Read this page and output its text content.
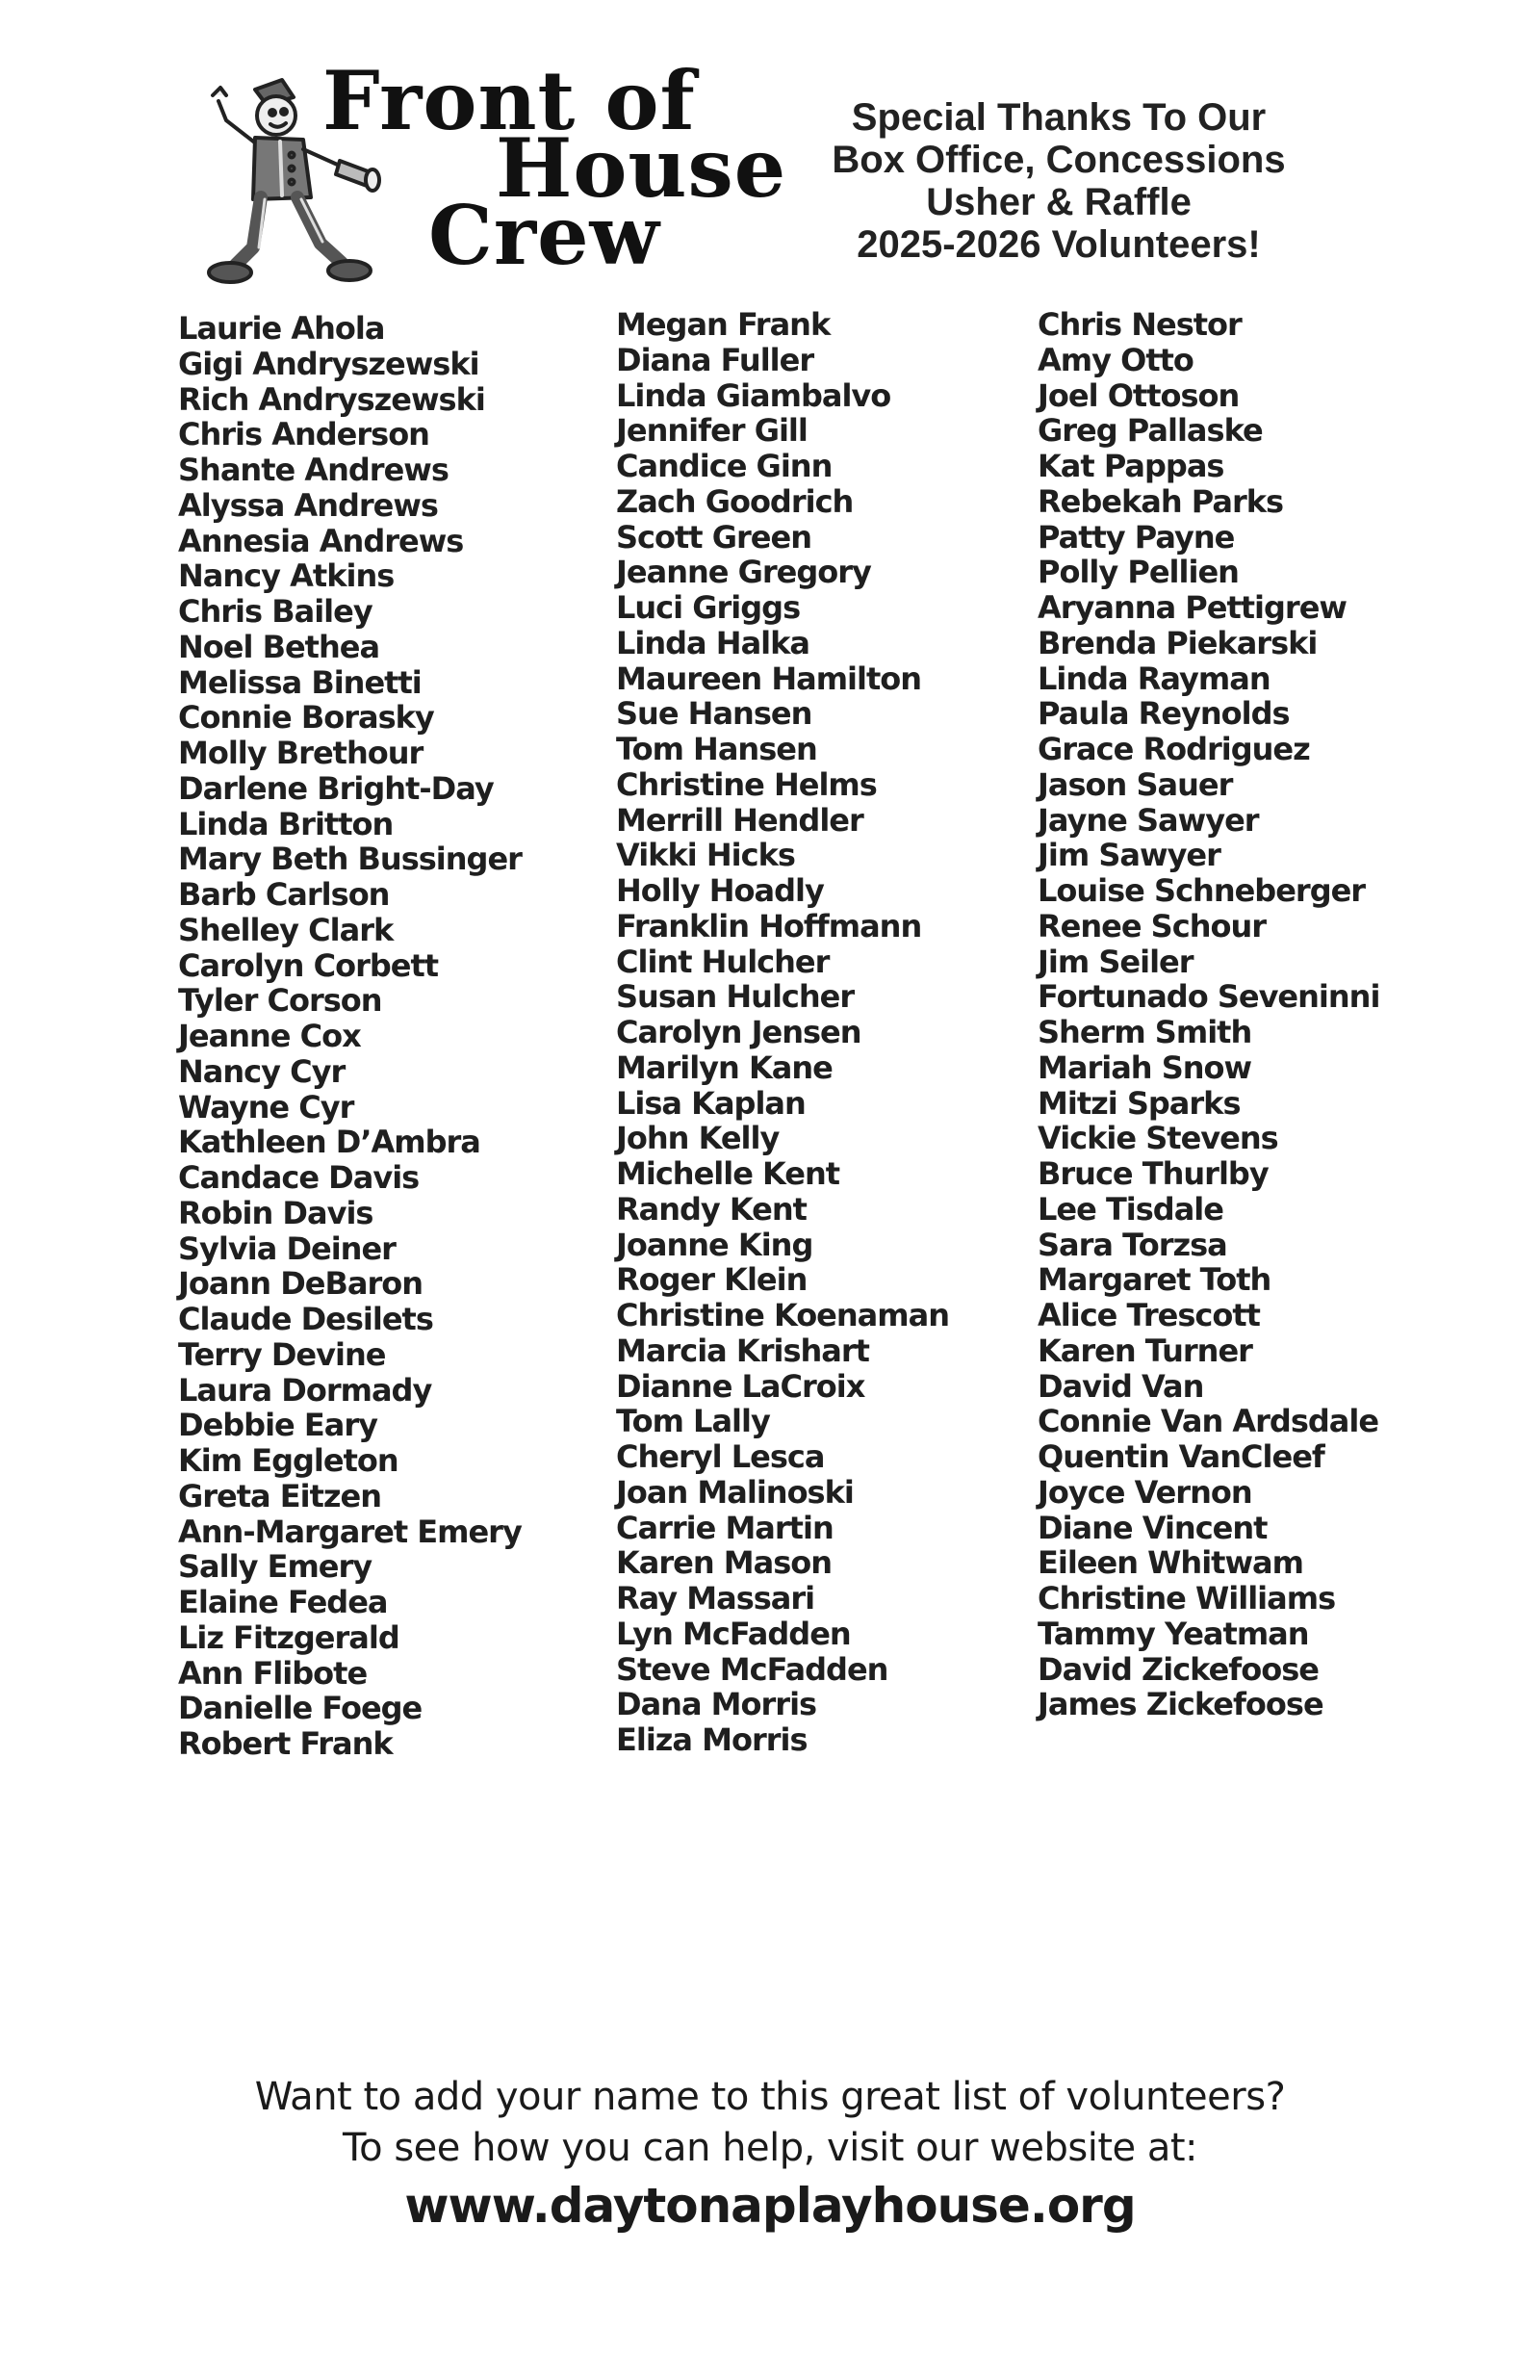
Front of
House
Crew
Special Thanks To Our
Box Office, Concessions
Usher & Raffle
2025-2026 Volunteers!
Laurie Ahola
Gigi Andryszewski
Rich Andryszewski
Chris Anderson
Shante Andrews
Alyssa Andrews
Annesia Andrews
Nancy Atkins
Chris Bailey
Noel Bethea
Melissa Binetti
Connie Borasky
Molly Brethour
Darlene Bright-Day
Linda Britton
Mary Beth Bussinger
Barb Carlson
Shelley Clark
Carolyn Corbett
Tyler Corson
Jeanne Cox
Nancy Cyr
Wayne Cyr
Kathleen D’Ambra
Candace Davis
Robin Davis
Sylvia Deiner
Joann DeBaron
Claude Desilets
Terry Devine
Laura Dormady
Debbie Eary
Kim Eggleton
Greta Eitzen
Ann-Margaret Emery
Sally Emery
Elaine Fedea
Liz Fitzgerald
Ann Flibote
Danielle Foege
Robert Frank
Megan Frank
Diana Fuller
Linda Giambalvo
Jennifer Gill
Candice Ginn
Zach Goodrich
Scott Green
Jeanne Gregory
Luci Griggs
Linda Halka
Maureen Hamilton
Sue Hansen
Tom Hansen
Christine Helms
Merrill Hendler
Vikki Hicks
Holly Hoadly
Franklin Hoffmann
Clint Hulcher
Susan Hulcher
Carolyn Jensen
Marilyn Kane
Lisa Kaplan
John Kelly
Michelle Kent
Randy Kent
Joanne King
Roger Klein
Christine Koenaman
Marcia Krishart
Dianne LaCroix
Tom Lally
Cheryl Lesca
Joan Malinoski
Carrie Martin
Karen Mason
Ray Massari
Lyn McFadden
Steve McFadden
Dana Morris
Eliza Morris
Chris Nestor
Amy Otto
Joel Ottoson
Greg Pallaske
Kat Pappas
Rebekah Parks
Patty Payne
Polly Pellien
Aryanna Pettigrew
Brenda Piekarski
Linda Rayman
Paula Reynolds
Grace Rodriguez
Jason Sauer
Jayne Sawyer
Jim Sawyer
Louise Schneberger
Renee Schour
Jim Seiler
Fortunado Seveninni
Sherm Smith
Mariah Snow
Mitzi Sparks
Vickie Stevens
Bruce Thurlby
Lee Tisdale
Sara Torzsa
Margaret Toth
Alice Trescott
Karen Turner
David Van
Connie Van Ardsdale
Quentin VanCleef
Joyce Vernon
Diane Vincent
Eileen Whitwam
Christine Williams
Tammy Yeatman
David Zickefoose
James Zickefoose
Want to add your name to this great list of volunteers?
To see how you can help, visit our website at:
www.daytonaplayhouse.org
